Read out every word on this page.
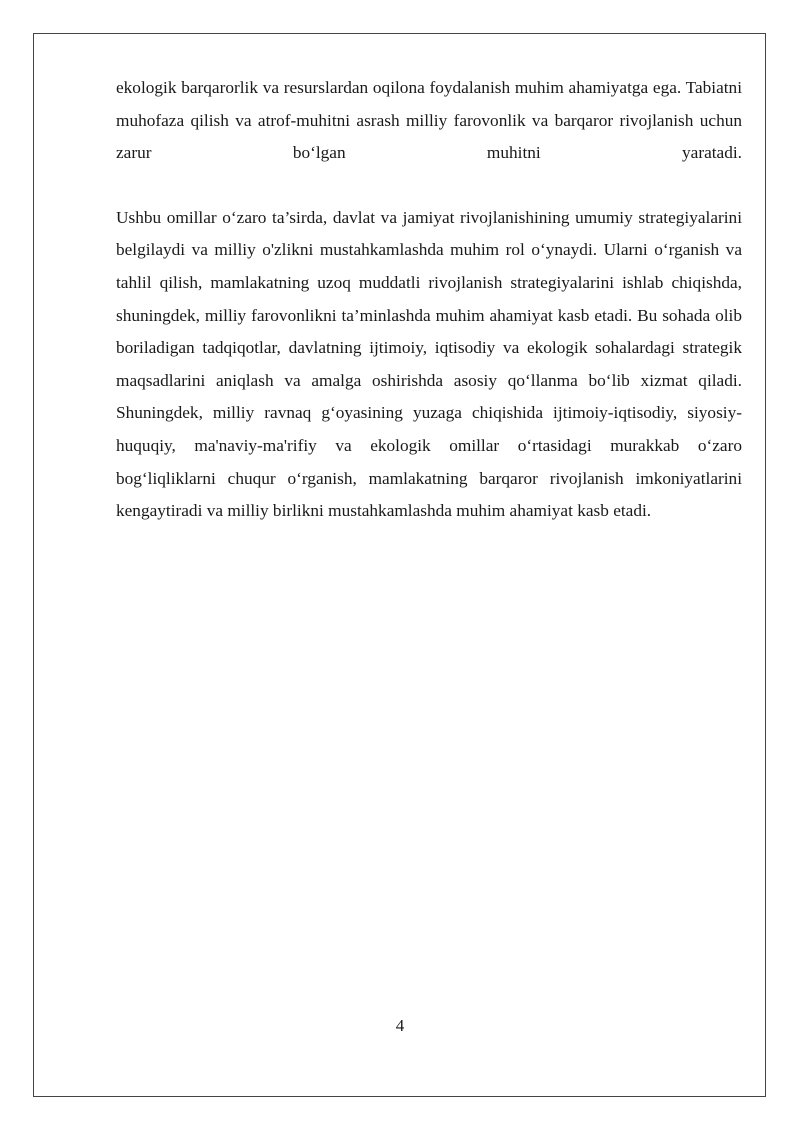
ekologik barqarorlik va resurslardan oqilona foydalanish muhim ahamiyatga ega. Tabiatni muhofaza qilish va atrof-muhitni asrash milliy farovonlik va barqaror rivojlanish uchun zarur bo‘lgan muhitni yaratadi.

Ushbu omillar o‘zaro ta’sirda, davlat va jamiyat rivojlanishining umumiy strategiyalarini belgilaydi va milliy o'zlikni mustahkamlashda muhim rol o‘ynaydi. Ularni o‘rganish va tahlil qilish, mamlakatning uzoq muddatli rivojlanish strategiyalarini ishlab chiqishda, shuningdek, milliy farovonlikni ta’minlashda muhim ahamiyat kasb etadi. Bu sohada olib boriladigan tadqiqotlar, davlatning ijtimoiy, iqtisodiy va ekologik sohalardagi strategik maqsadlarini aniqlash va amalga oshirishda asosiy qo‘llanma bo‘lib xizmat qiladi. Shuningdek, milliy ravnaq g‘oyasining yuzaga chiqishida ijtimoiy-iqtisodiy, siyosiy-huquqiy, ma'naviy-ma'rifiy va ekologik omillar o‘rtasidagi murakkab o‘zaro bog‘liqliklarni chuqur o‘rganish, mamlakatning barqaror rivojlanish imkoniyatlarini kengaytiradi va milliy birlikni mustahkamlashda muhim ahamiyat kasb etadi.

4
